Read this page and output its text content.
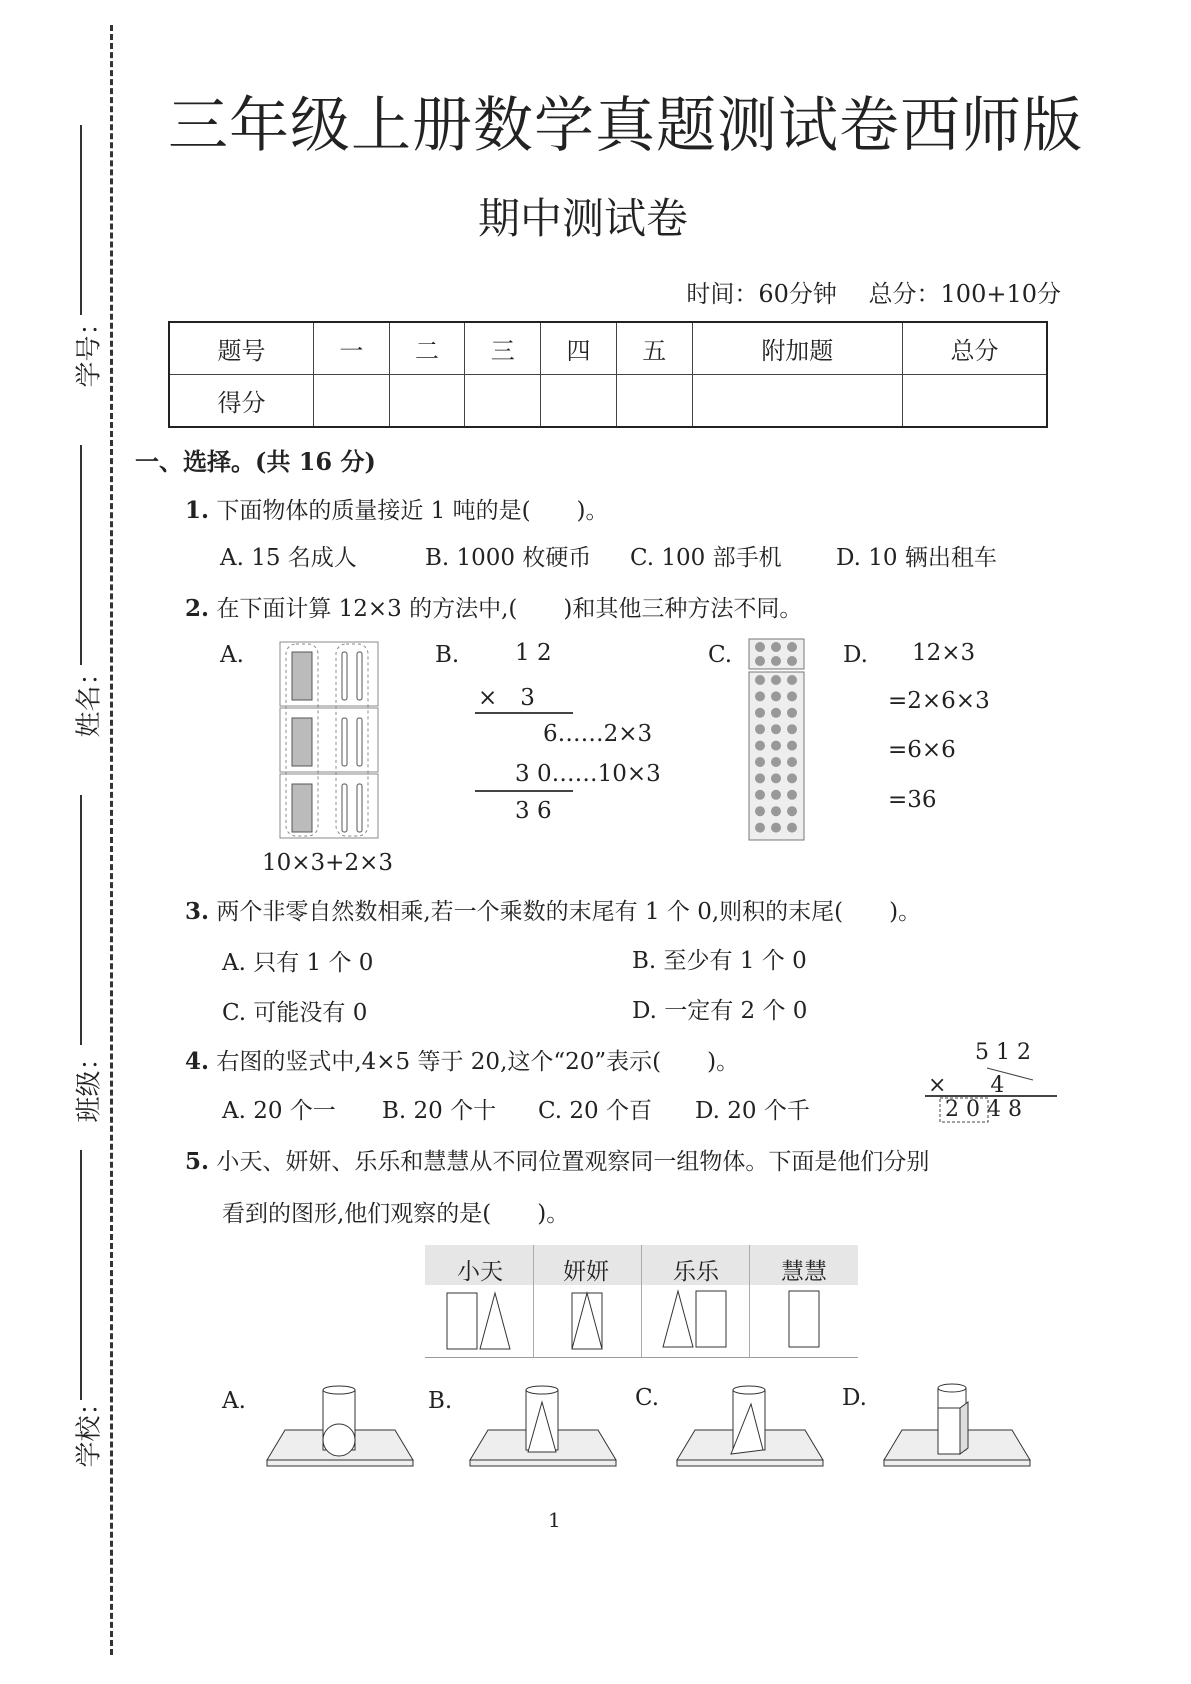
学号：
姓名：
班级：
学校：
三年级上册数学真题测试卷西师版
期中测试卷
时间：60分钟　 总分：100+10分
题号	一	二	三	四	五	附加题	总分
得分							
一、选择。(共 16 分)
1. 下面物体的质量接近 1 吨的是(　　)。
A. 15 名成人	B. 1000 枚硬币 C. 100 部手机 D. 10 辆出租车
2. 在下面计算 12×3 的方法中,(　　)和其他三种方法不同。
A.
10×3+2×3
B. 1 2
×　3
6……2×3
3 0……10×3
3 6
C.	D. 12×3
=2×6×3
=6×6
=36
3. 两个非零自然数相乘,若一个乘数的末尾有 1 个 0,则积的末尾(　　)。
A. 只有 1 个 0	B. 至少有 1 个 0
C. 可能没有 0	D. 一定有 2 个 0
4. 右图的竖式中,4×5 等于 20,这个“20”表示(　　)。
A. 20 个一 B. 20 个十 C. 20 个百 D. 20 个千
5 1 2
×　　4
2 0 4 8
5. 小天、妍妍、乐乐和慧慧从不同位置观察同一组物体。下面是他们分别
看到的图形,他们观察的是(　　)。
小天	妍妍	乐乐	慧慧
A.	B.	C.	D.
1
